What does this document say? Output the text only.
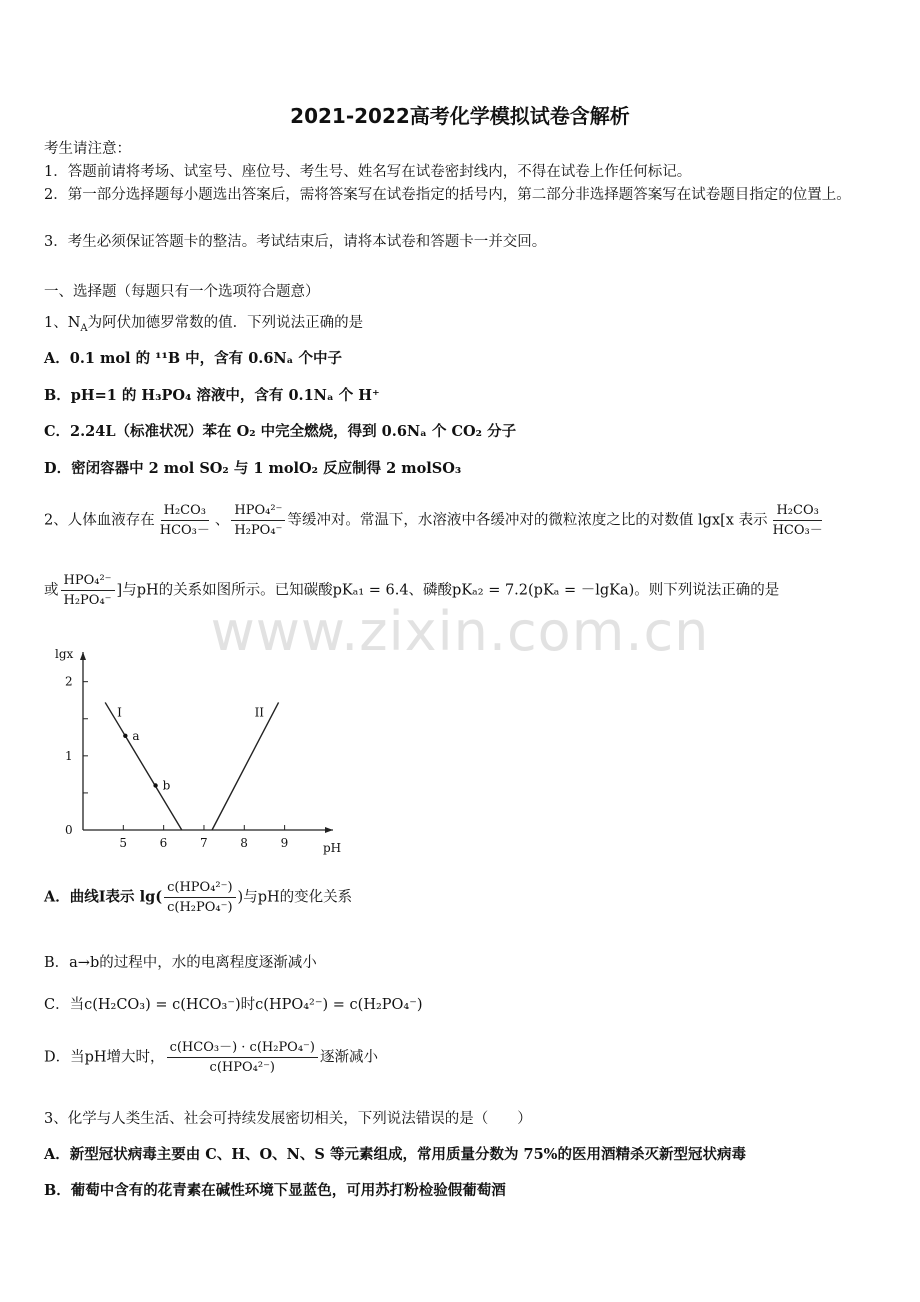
2021-2022高考化学模拟试卷含解析
考生请注意：
1．答题前请将考场、试室号、座位号、考生号、姓名写在试卷密封线内，不得在试卷上作任何标记。
2．第一部分选择题每小题选出答案后，需将答案写在试卷指定的括号内，第二部分非选择题答案写在试卷题目指定的位置上。
3．考生必须保证答题卡的整洁。考试结束后，请将本试卷和答题卡一并交回。
一、选择题（每题只有一个选项符合题意）
1、$N_A$为阿伏加德罗常数的值．下列说法正确的是
A．0.1 mol 的 ¹¹B 中，含有 0.6Nₐ 个中子
B．pH=1 的 H₃PO₄ 溶液中，含有 0.1Nₐ 个 H⁺
C．2.24L（标准状况）苯在 O₂ 中完全燃烧，得到 0.6Nₐ 个 CO₂ 分子
D．密闭容器中 2 mol SO₂ 与 1 molO₂ 反应制得 2 molSO₃
2、人体血液存在 $\frac{\text{H₂CO₃}}{\text{HCO₃－}}$ 、 $\frac{\text{HPO₄²⁻}}{\text{H₂PO₄⁻}}$ 等缓冲对。常温下，水溶液中各缓冲对的微粒浓度之比的对数值 lgx[x 表示 $\frac{\text{H₂CO₃}}{\text{HCO₃－}}$
或 $\frac{\text{HPO₄²⁻}}{\text{H₂PO₄⁻}}$ ]与pH的关系如图所示。已知碳酸pKₐ₁ = 6.4、磷酸pKₐ₂ = 7.2(pKₐ = －lgKa)。则下列说法正确的是
pH
lgx
5	6	7	8	9
0
1
2
I	II
a
b
A．曲线Ⅰ表示 $\lg( \frac{\text{c(HPO₄²⁻)}}{\text{c(H₂PO₄⁻)}}$ )与pH的变化关系
B．a→b的过程中，水的电离程度逐渐减小
C．当c(H₂CO₃) = c(HCO₃⁻)时c(HPO₄²⁻) = c(H₂PO₄⁻)
D．当pH增大时， $\frac{\text{c(HCO₃－) · c(H₂PO₄⁻)}}{\text{c(HPO₄²⁻)}}$ 逐渐减小
3、化学与人类生活、社会可持续发展密切相关，下列说法错误的是（　　）
A．新型冠状病毒主要由 C、H、O、N、S 等元素组成，常用质量分数为 75%的医用酒精杀灭新型冠状病毒
B．葡萄中含有的花青素在碱性环境下显蓝色，可用苏打粉检验假葡萄酒
www.zixin.com.cn
